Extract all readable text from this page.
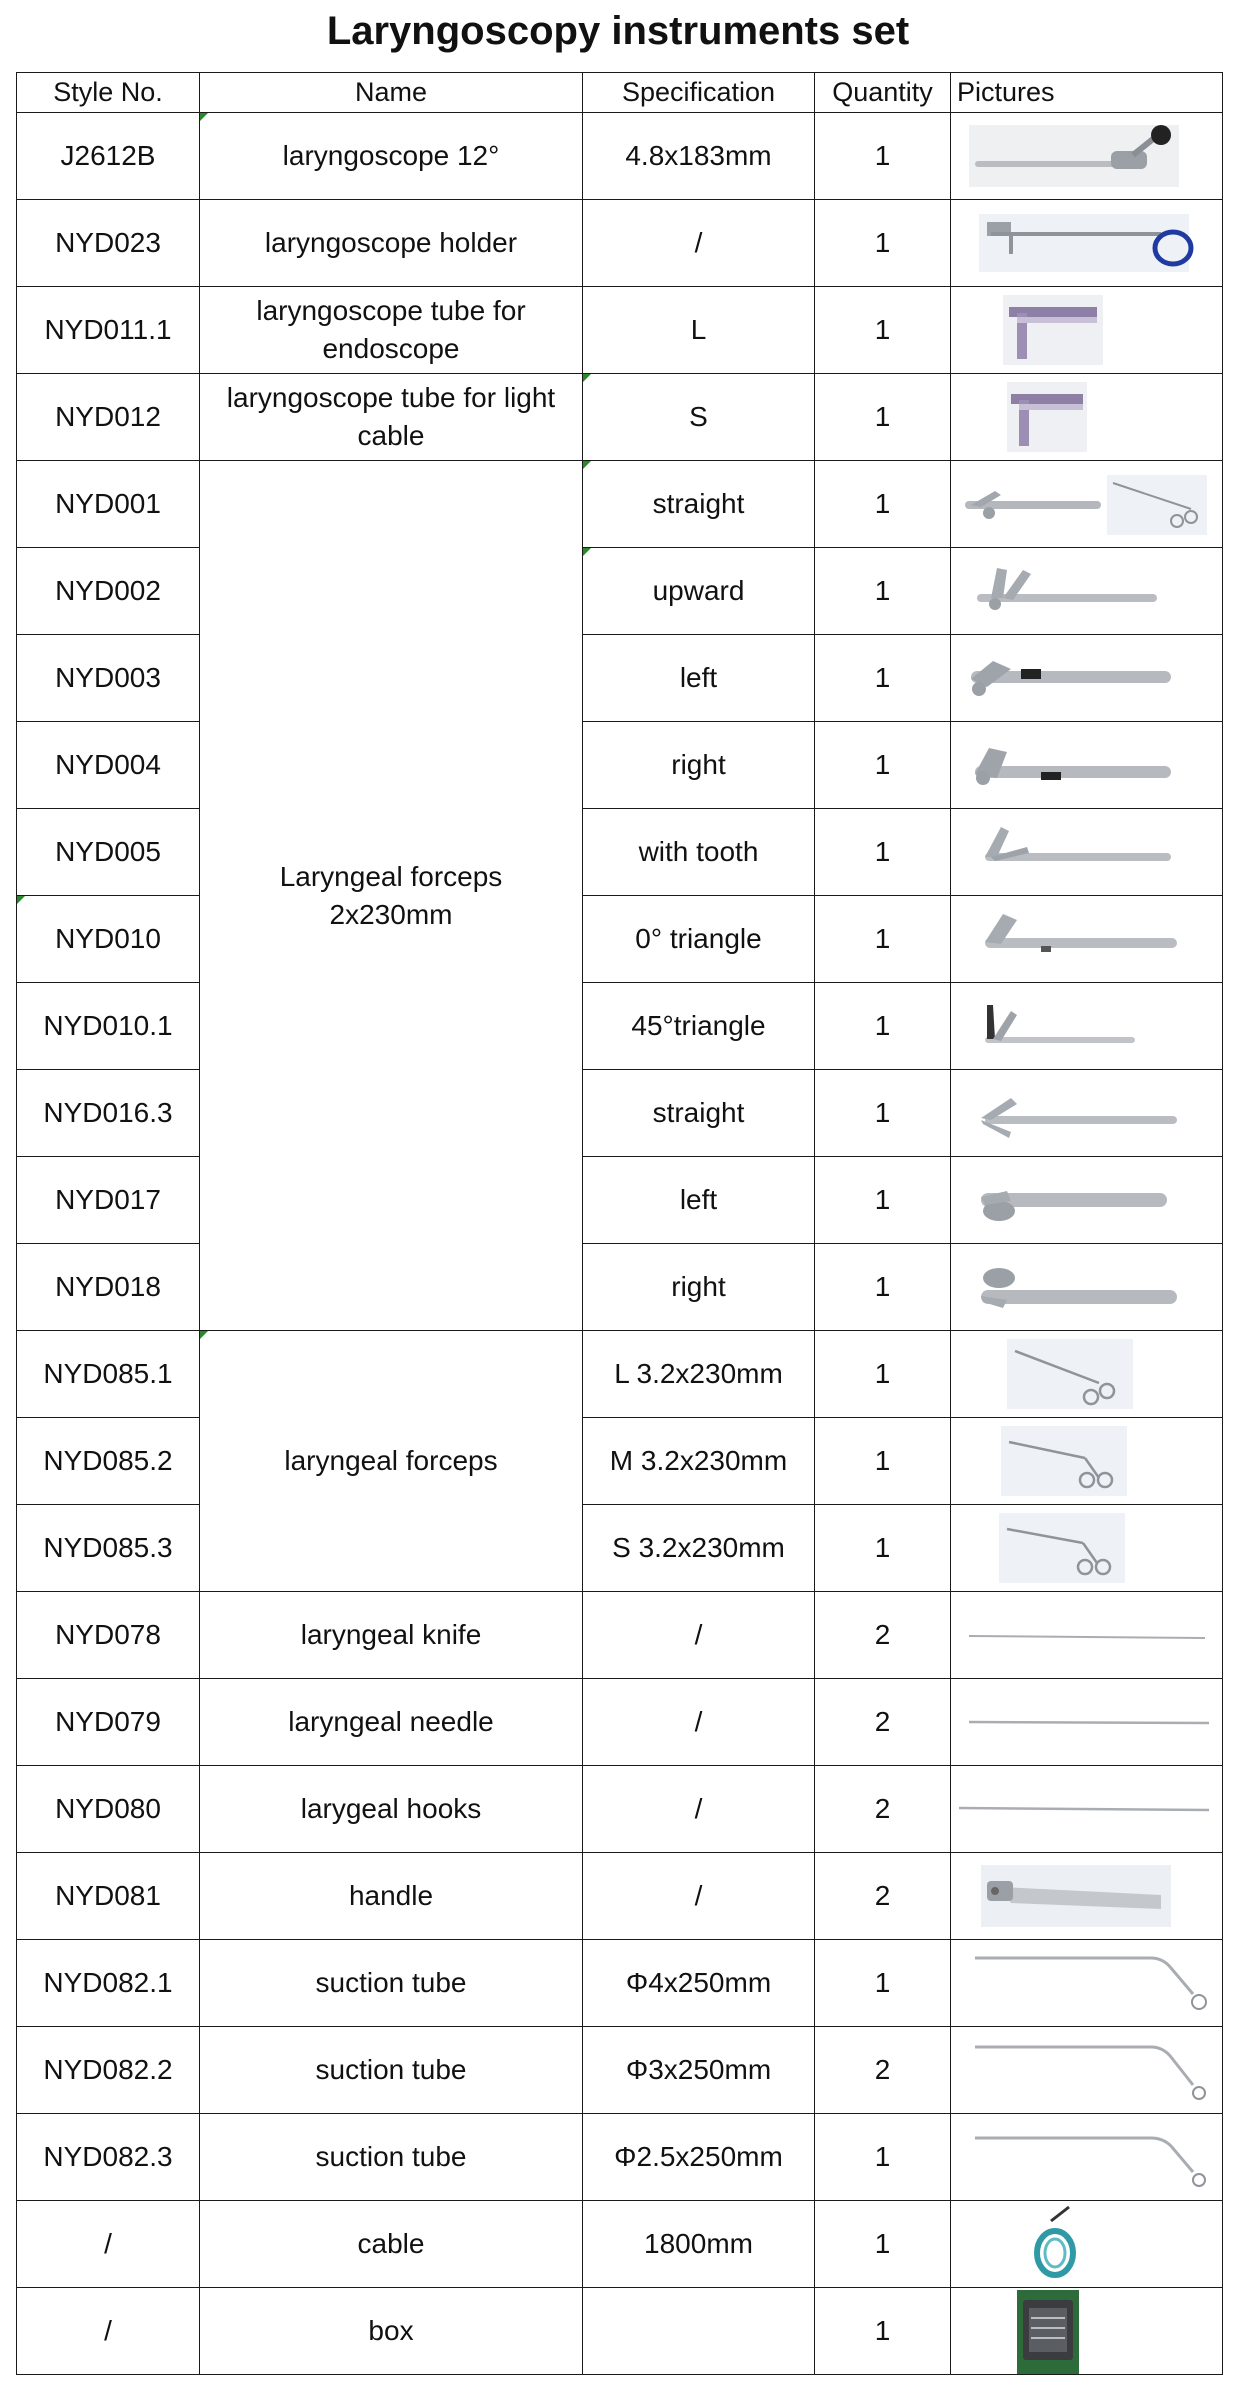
Laryngoscopy instruments set
Style No.	Name	Specification	Quantity	Pictures
J2612B	laryngoscope 12°	4.8x183mm	1	

NYD023	laryngoscope holder	/	1	

NYD011.1	laryngoscope tube for endoscope	L	1	

NYD012	laryngoscope tube for light cable	S	1	

NYD001	Laryngeal forceps 2x230mm	straight	1	

NYD002		upward	1	

NYD003		left	1	

NYD004		right	1	

NYD005		with tooth	1	

NYD010		0° triangle	1	

NYD010.1		45°triangle	1	

NYD016.3		straight	1	

NYD017		left	1	

NYD018		right	1	

NYD085.1	laryngeal forceps	L 3.2x230mm	1	

NYD085.2		M 3.2x230mm	1	

NYD085.3		S 3.2x230mm	1	

NYD078	laryngeal knife	/	2	

NYD079	laryngeal needle	/	2	

NYD080	larygeal hooks	/	2	

NYD081	handle	/	2	

NYD082.1	suction tube	Φ4x250mm	1	

NYD082.2	suction tube	Φ3x250mm	2	

NYD082.3	suction tube	Φ2.5x250mm	1	

/	cable	1800mm	1	

/	box		1	
